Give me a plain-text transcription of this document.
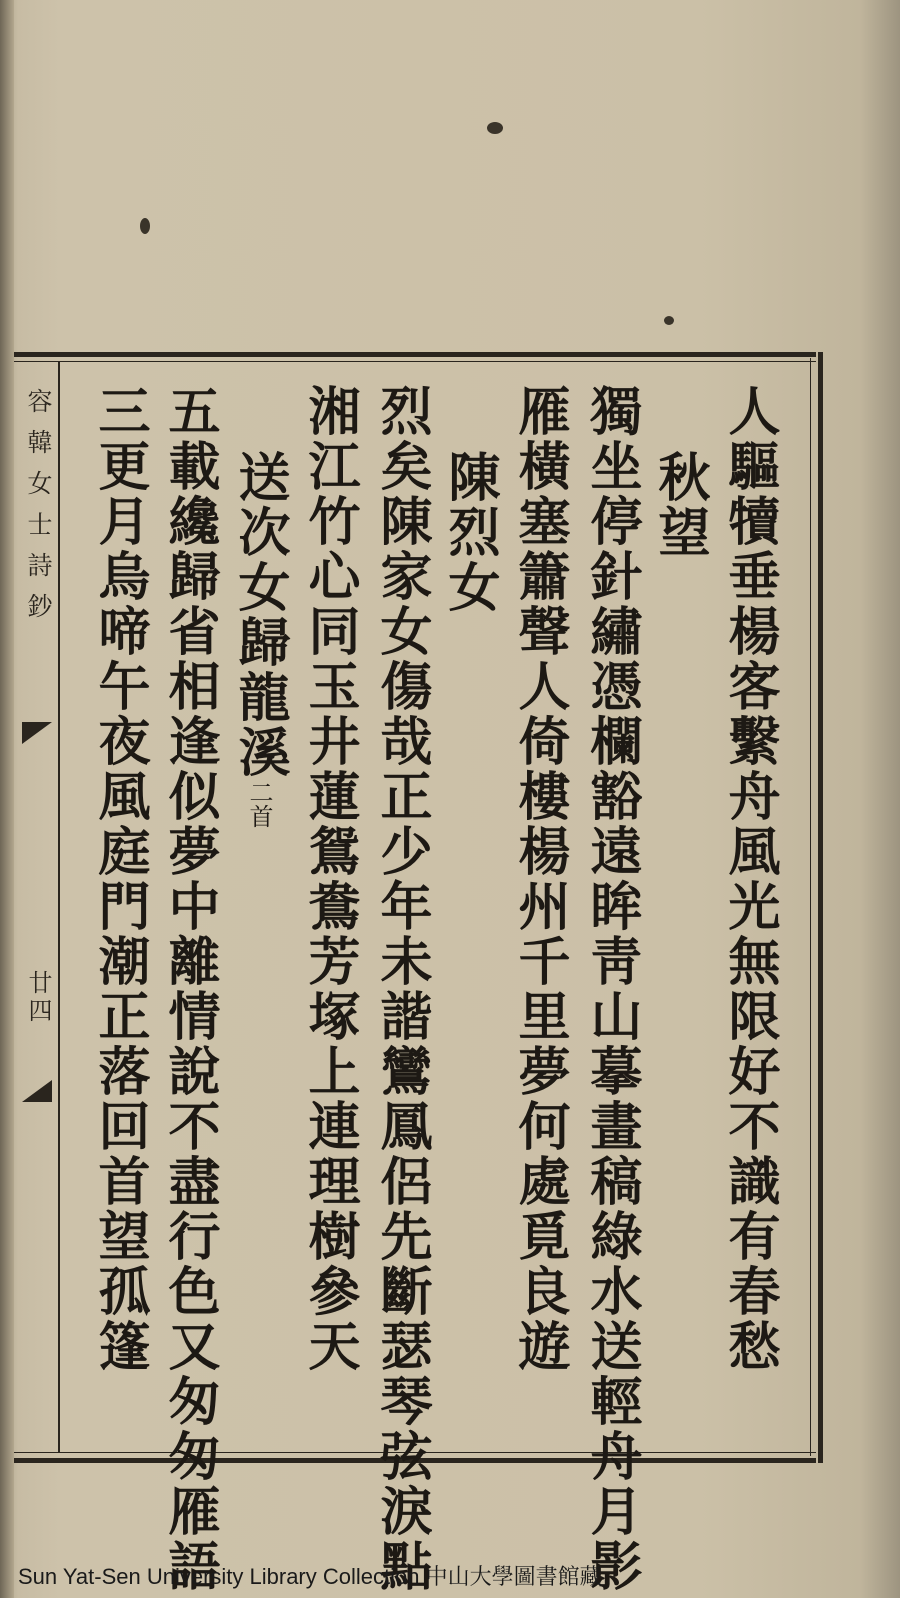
容韓女士詩鈔
廿四	人驅犢垂楊客繫舟風光無限好不識有春愁
秋望
獨坐停針繡憑欄豁遠眸靑山摹畫稿綠水送輕舟月影
雁橫塞簫聲人倚樓楊州千里夢何處覓良遊
陳烈女
烈矣陳家女傷哉正少年未諧鸞鳳侶先斷瑟琴弦淚點
湘江竹心同玉井蓮鴛鴦芳塚上連理樹參天
送次女歸龍溪二首
五載纔歸省相逢似夢中離情說不盡行色又匆匆雁語
三更月烏啼午夜風庭門潮正落回首望孤篷
Sun Yat-Sen University Library Collection 中山大學圖書館藏
